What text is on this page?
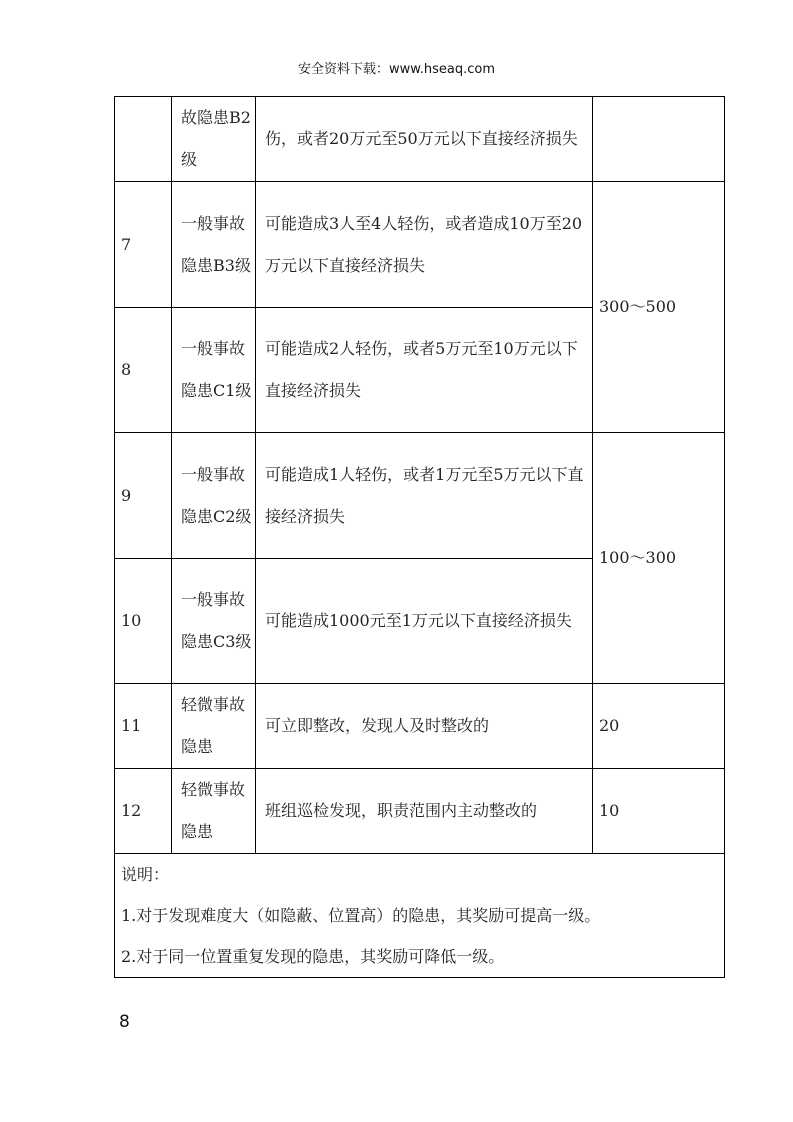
安全资料下载：www.hseaq.com
	故隐患B2级	伤，或者20万元至50万元以下直接经济损失	
7	一般事故隐患B3级	可能造成3人至4人轻伤，或者造成10万至20万元以下直接经济损失	300～500
8	一般事故隐患C1级	可能造成2人轻伤，或者5万元至10万元以下直接经济损失	
9	一般事故隐患C2级	可能造成1人轻伤，或者1万元至5万元以下直接经济损失	100～300
10	一般事故隐患C3级	可能造成1000元至1万元以下直接经济损失	
11	轻微事故隐患	可立即整改，发现人及时整改的	20
12	轻微事故隐患	班组巡检发现，职责范围内主动整改的	10

说明：
1.对于发现难度大（如隐蔽、位置高）的隐患，其奖励可提高一级。
2.对于同一位置重复发现的隐患，其奖励可降低一级。			
8
